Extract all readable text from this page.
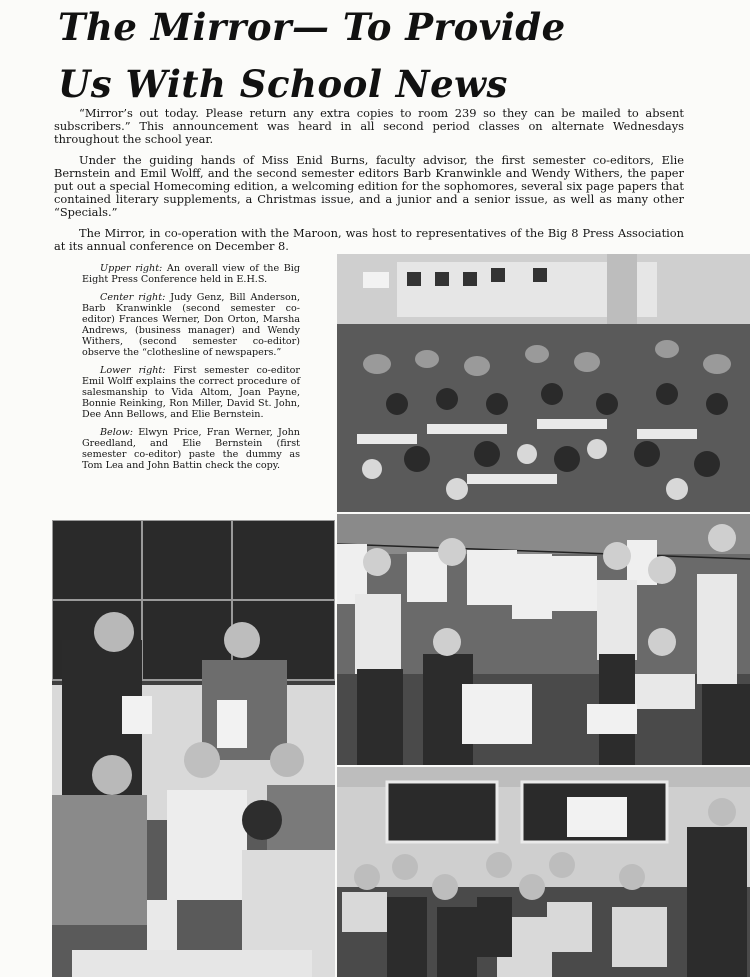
The Mirror— To Provide
Us With School News

“Mirror’s out today. Please return any extra copies to room 239 so they can be mailed to absent subscribers.” This announcement was heard in all second period classes on alternate Wednesdays throughout the school year.

Under the guiding hands of Miss Enid Burns, faculty advisor, the first semester co-editors, Elie Bernstein and Emil Wolff, and the second semester editors Barb Kranwinkle and Wendy Withers, the paper put out a special Homecoming edition, a welcoming edition for the sophomores, several six page papers that contained literary supplements, a Christmas issue, and a junior and a senior issue, as well as many other “Specials.”

The Mirror, in co-operation with the Maroon, was host to representatives of the Big 8 Press Association at its annual conference on December 8.

Upper right: An overall view of the Big Eight Press Conference held in E.H.S.

Center right: Judy Genz, Bill Anderson, Barb Kranwinkle (second semester co-editor) Frances Werner, Don Orton, Marsha Andrews, (business manager) and Wendy Withers, (second semester co-editor) observe the “clothesline of newspapers.”

Lower right: First semester co-editor Emil Wolff explains the correct procedure of salesmanship to Vida Altom, Joan Payne, Bonnie Reinking, Ron Miller, David St. John, Dee Ann Bellows, and Elie Bernstein.

Below: Elwyn Price, Fran Werner, John Greedland, and Elie Bernstein (first semester co-editor) paste the dummy as Tom Lea and John Battin check the copy.
